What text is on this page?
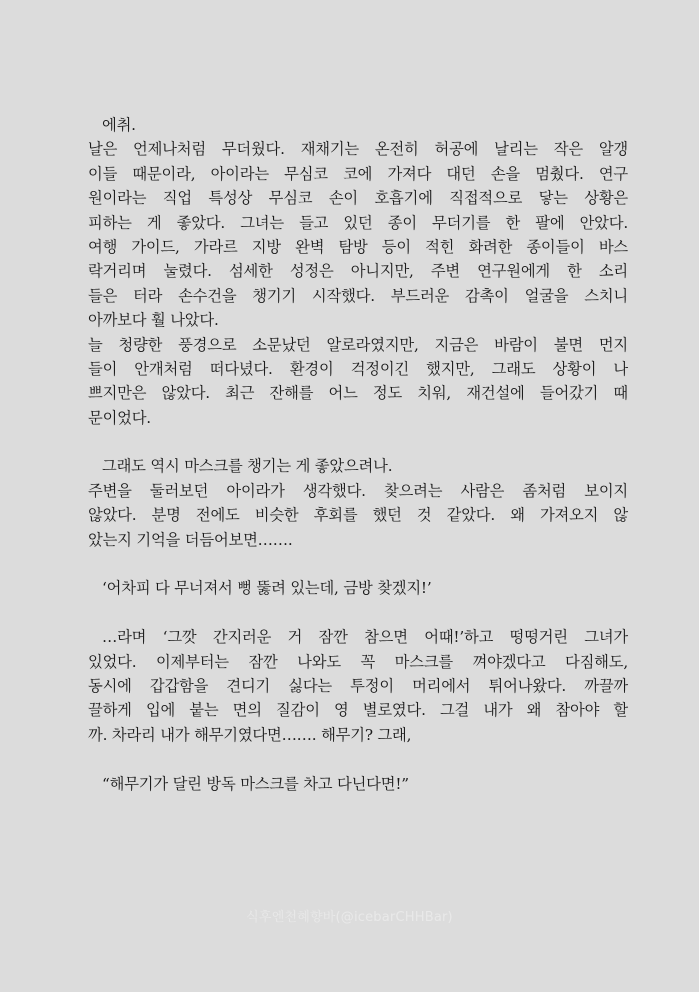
에취.
날은 언제나처럼 무더웠다. 재채기는 온전히 허공에 날리는 작은 알갱
이들 때문이라, 아이라는 무심코 코에 가져다 대던 손을 멈췄다. 연구
원이라는 직업 특성상 무심코 손이 호흡기에 직접적으로 닿는 상황은
피하는 게 좋았다. 그녀는 들고 있던 종이 무더기를 한 팔에 안았다.
여행 가이드, 가라르 지방 완벽 탐방 등이 적힌 화려한 종이들이 바스
락거리며 눌렸다. 섬세한 성정은 아니지만, 주변 연구원에게 한 소리
들은 터라 손수건을 챙기기 시작했다. 부드러운 감촉이 얼굴을 스치니
아까보다 훨 나았다.
늘 청량한 풍경으로 소문났던 알로라였지만, 지금은 바람이 불면 먼지
들이 안개처럼 떠다녔다. 환경이 걱정이긴 했지만, 그래도 상황이 나
쁘지만은 않았다. 최근 잔해를 어느 정도 치워, 재건설에 들어갔기 때
문이었다.
그래도 역시 마스크를 챙기는 게 좋았으려나.
주변을 둘러보던 아이라가 생각했다. 찾으려는 사람은 좀처럼 보이지
않았다. 분명 전에도 비슷한 후회를 했던 것 같았다. 왜 가져오지 않
았는지 기억을 더듬어보면…….
‘어차피 다 무너져서 뻥 뚫려 있는데, 금방 찾겠지!’
…라며 ‘그깟 간지러운 거 잠깐 참으면 어때!’하고 떵떵거린 그녀가
있었다. 이제부터는 잠깐 나와도 꼭 마스크를 껴야겠다고 다짐해도,
동시에 갑갑함을 견디기 싫다는 투정이 머리에서 튀어나왔다. 까끌까
끌하게 입에 붙는 면의 질감이 영 별로였다. 그걸 내가 왜 참아야 할
까. 차라리 내가 해무기였다면……. 해무기? 그래,
“해무기가 달린 방독 마스크를 차고 다닌다면!”
식후엔천혜향바(@icebarCHHBar)
